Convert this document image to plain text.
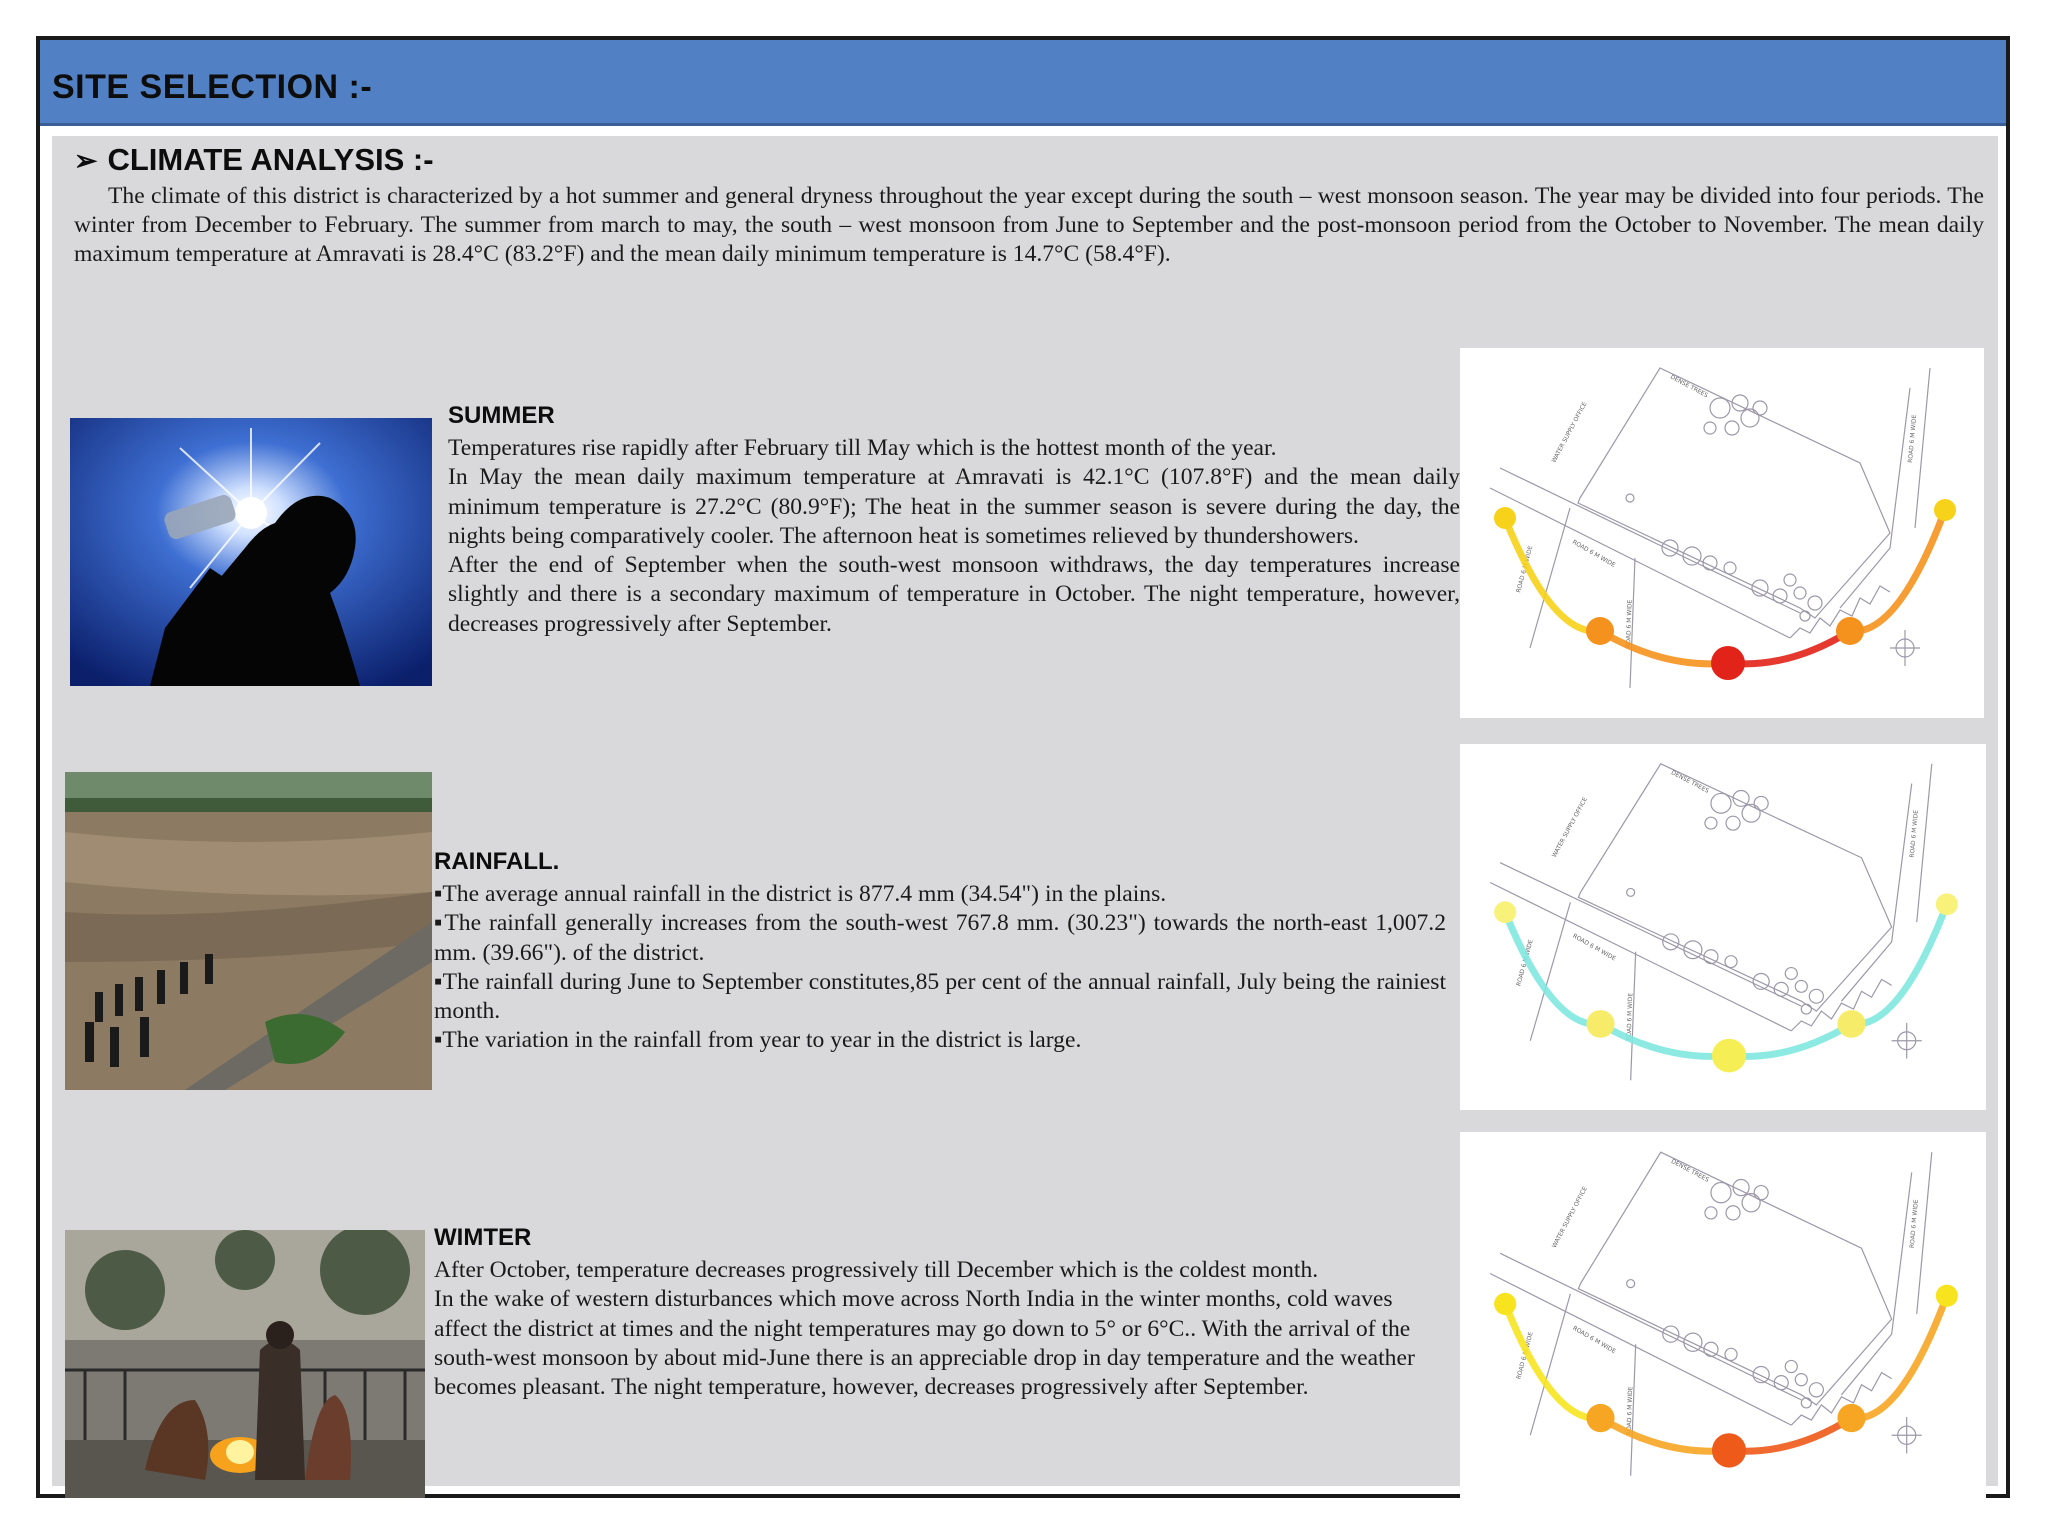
SITE SELECTION :-
➢ CLIMATE ANALYSIS :-

The climate of this district is characterized by a hot summer and general dryness throughout the year except during the south – west monsoon season. The year may be divided into four periods. The winter from December to February. The summer from march to may, the south – west monsoon from June to September and the post-monsoon period from the October to November. The mean daily maximum temperature at Amravati is 28.4°C (83.2°F) and the mean daily minimum temperature is 14.7°C (58.4°F).

SUMMER

Temperatures rise rapidly after February till May which is the hottest month of the year.

In May the mean daily maximum temperature at Amravati is 42.1°C (107.8°F) and the mean daily minimum temperature is 27.2°C (80.9°F); The heat in the summer season is severe during the day, the nights being comparatively cooler. The afternoon heat is sometimes relieved by thundershowers.

After the end of September when the south-west monsoon withdraws, the day temperatures increase slightly and there is a secondary maximum of temperature in October. The night temperature, however, decreases progressively after September.

RAINFALL.

▪The average annual rainfall in the district is 877.4 mm (34.54") in the plains.

▪The rainfall generally increases from the south-west 767.8 mm. (30.23") towards the north-east 1,007.2 mm. (39.66"). of the district.

▪The rainfall during June to September constitutes,85 per cent of the annual rainfall, July being the rainiest month.

▪The variation in the rainfall from year to year in the district is large.

WIMTER

After October, temperature decreases progressively till December which is the coldest month.

In the wake of western disturbances which move across North India in the winter months, cold waves affect the district at times and the night temperatures may go down to 5° or 6°C.. With the arrival of the south-west monsoon by about mid-June there is an appreciable drop in day temperature and the weather becomes pleasant. The night temperature, however, decreases progressively after September.

DENSE TREES
WATER SUPPLY OFFICE
ROAD 6 M WIDE
ROAD 6 M WIDE
ROAD 6 M WIDE
ROAD 6 M WIDE
DENSE TREES
WATER SUPPLY OFFICE
ROAD 6 M WIDE
ROAD 6 M WIDE
ROAD 6 M WIDE
ROAD 6 M WIDE
DENSE TREES
WATER SUPPLY OFFICE
ROAD 6 M WIDE
ROAD 6 M WIDE
ROAD 6 M WIDE
ROAD 6 M WIDE
